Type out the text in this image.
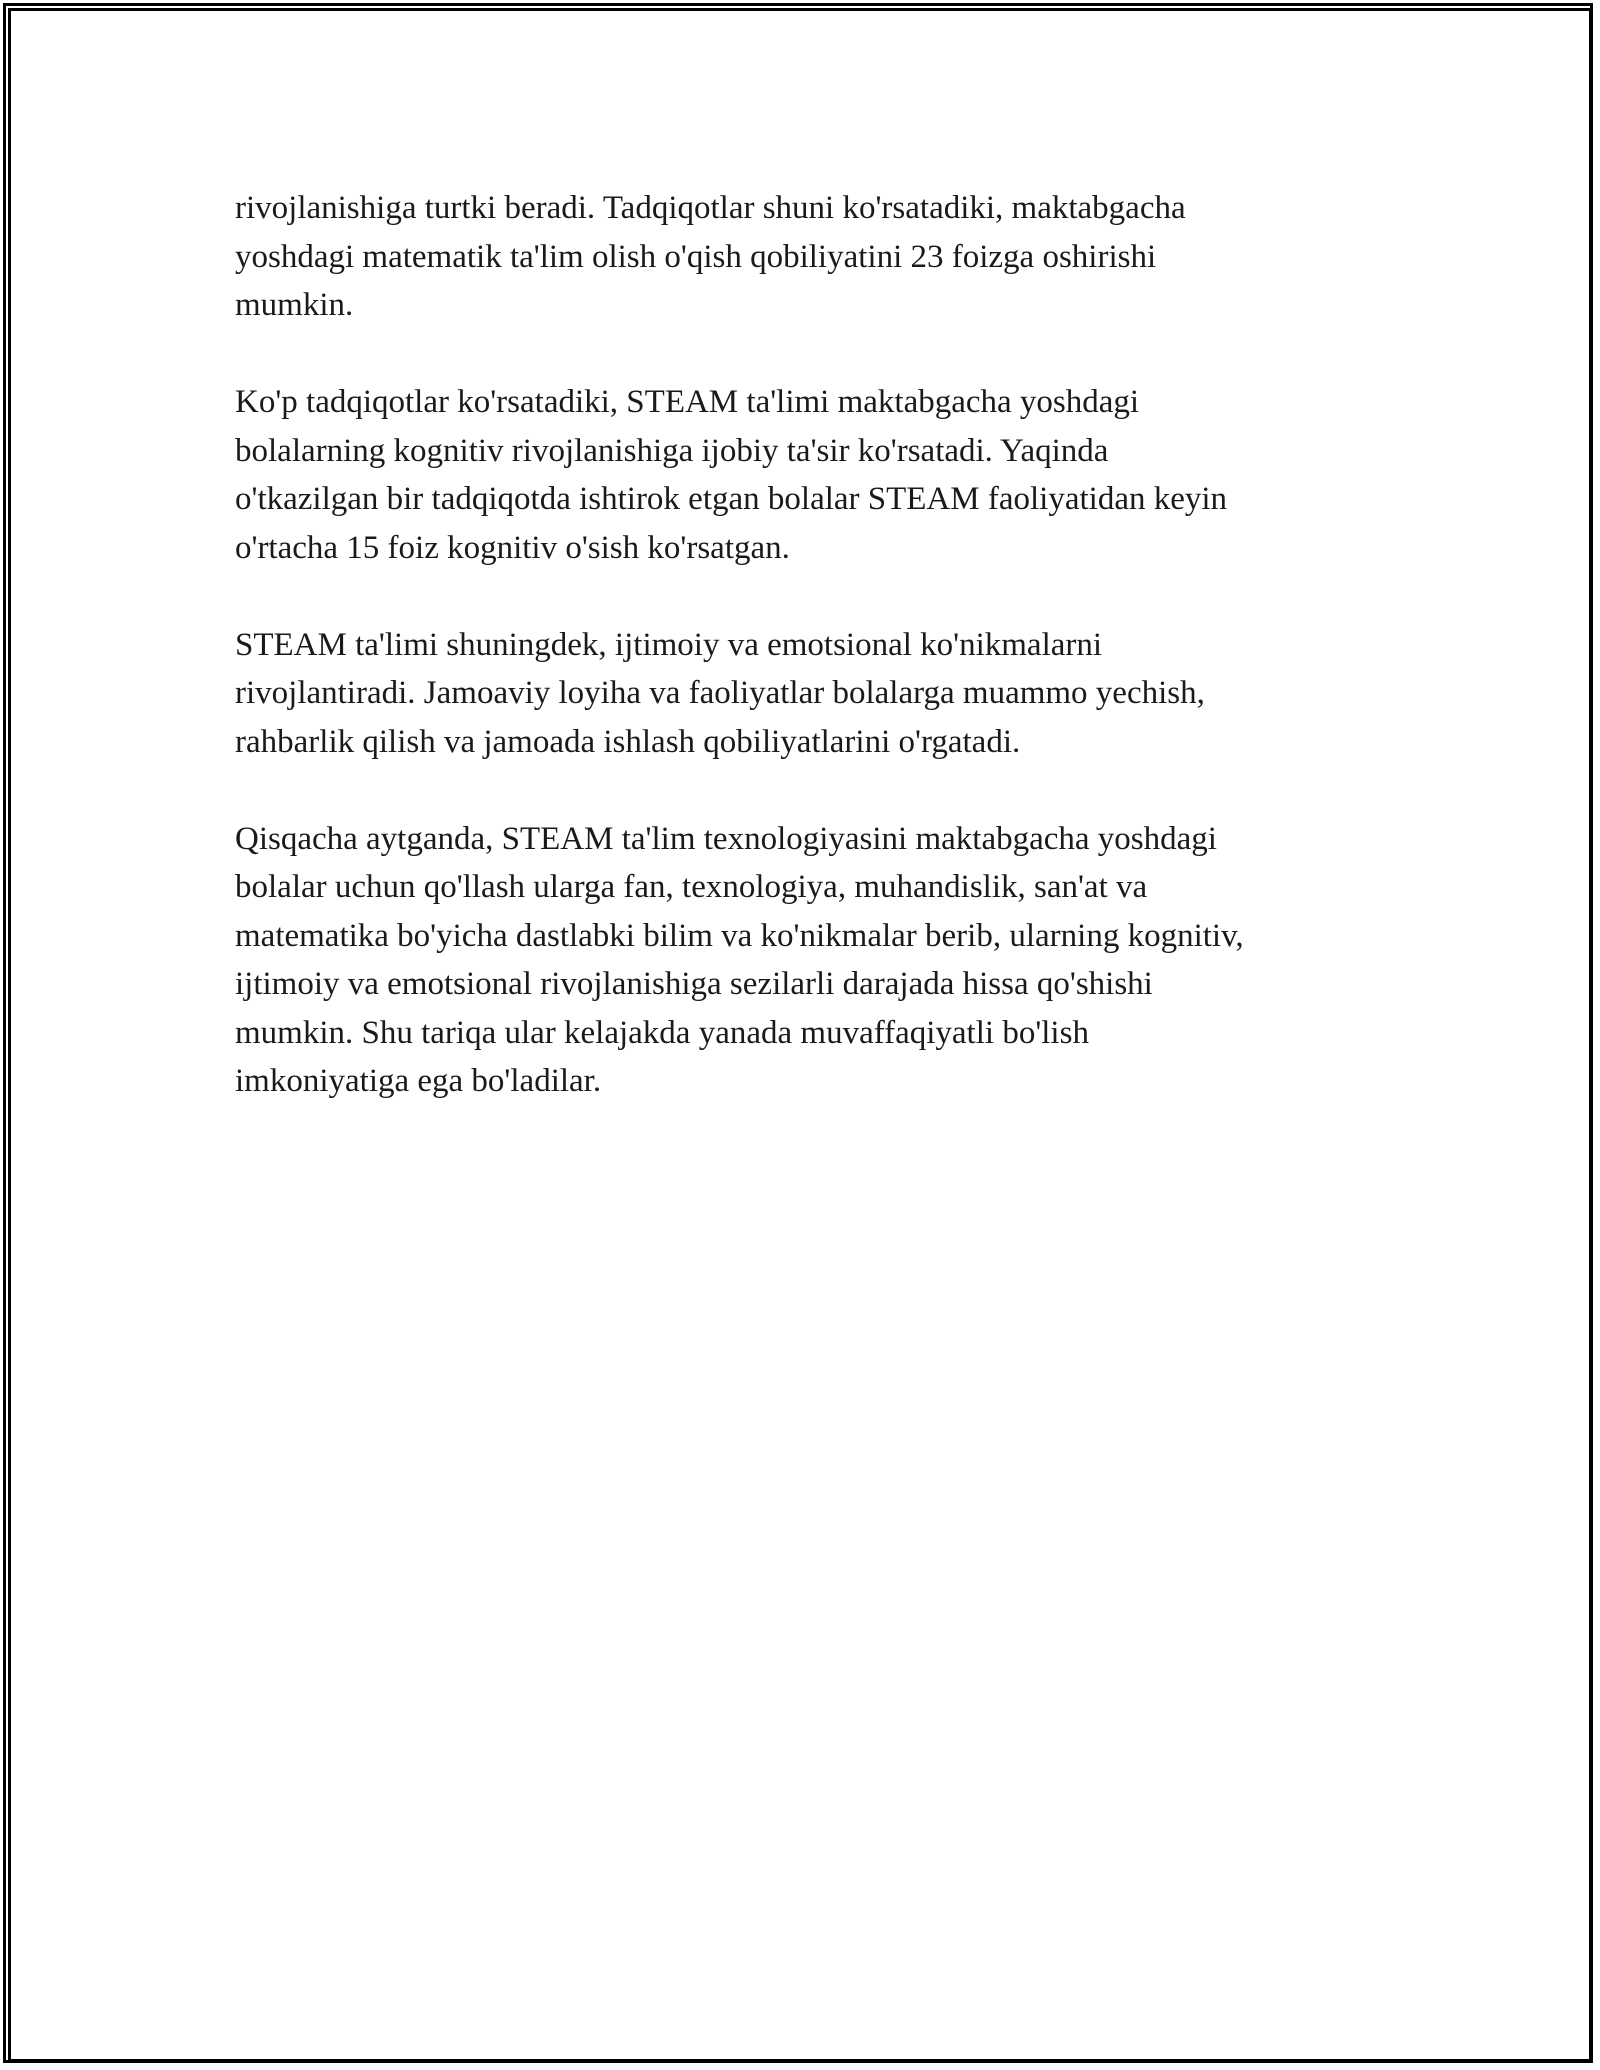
rivojlanishiga turtki beradi. Tadqiqotlar shuni ko'rsatadiki, maktabgacha
yoshdagi matematik ta'lim olish o'qish qobiliyatini 23 foizga oshirishi
mumkin.

Ko'p tadqiqotlar ko'rsatadiki, STEAM ta'limi maktabgacha yoshdagi
bolalarning kognitiv rivojlanishiga ijobiy ta'sir ko'rsatadi. Yaqinda
o'tkazilgan bir tadqiqotda ishtirok etgan bolalar STEAM faoliyatidan keyin
o'rtacha 15 foiz kognitiv o'sish ko'rsatgan.

STEAM ta'limi shuningdek, ijtimoiy va emotsional ko'nikmalarni
rivojlantiradi. Jamoaviy loyiha va faoliyatlar bolalarga muammo yechish,
rahbarlik qilish va jamoada ishlash qobiliyatlarini o'rgatadi.

Qisqacha aytganda, STEAM ta'lim texnologiyasini maktabgacha yoshdagi
bolalar uchun qo'llash ularga fan, texnologiya, muhandislik, san'at va
matematika bo'yicha dastlabki bilim va ko'nikmalar berib, ularning kognitiv,
ijtimoiy va emotsional rivojlanishiga sezilarli darajada hissa qo'shishi
mumkin. Shu tariqa ular kelajakda yanada muvaffaqiyatli bo'lish
imkoniyatiga ega bo'ladilar.
